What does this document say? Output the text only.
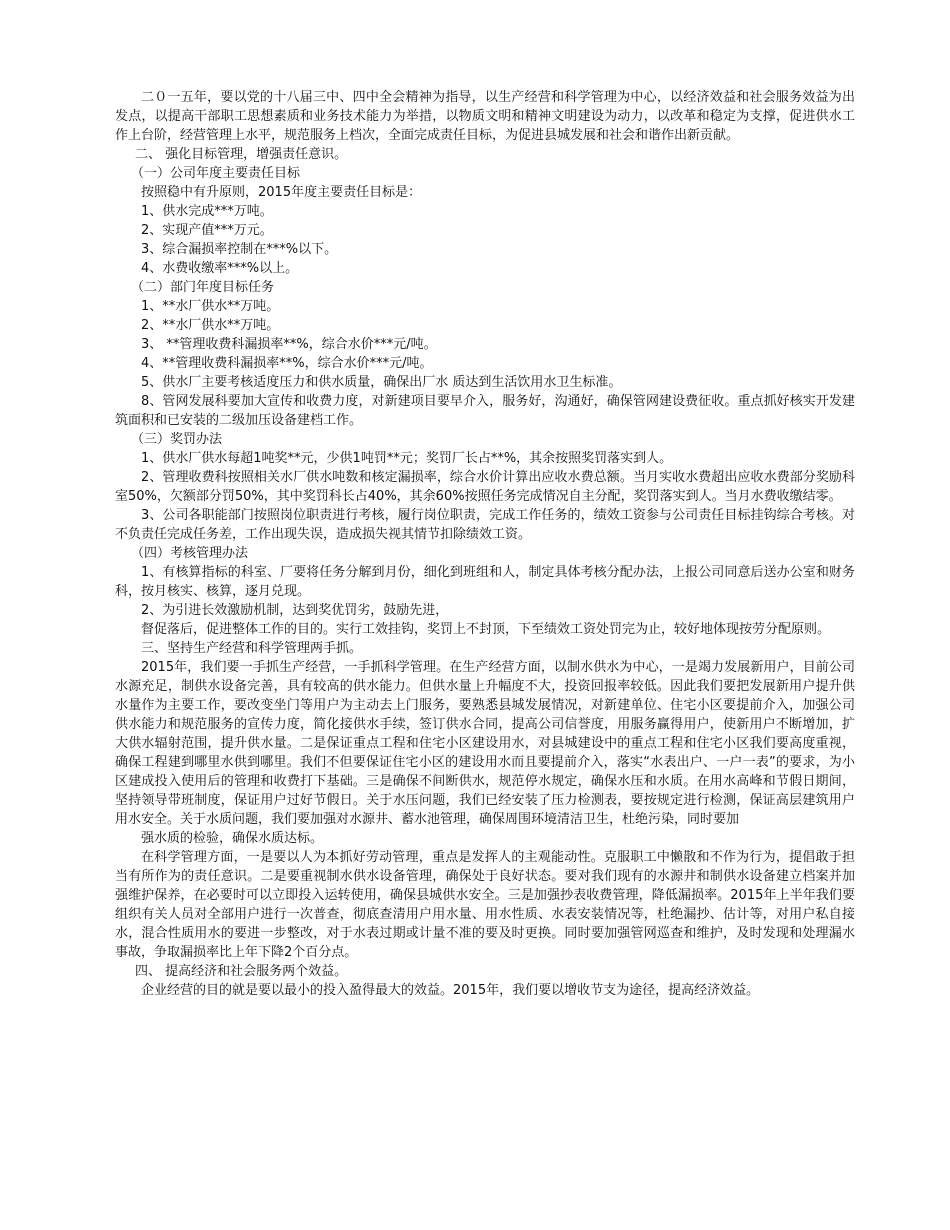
二０一五年，要以党的十八届三中、四中全会精神为指导，以生产经营和科学管理为中心，以经济效益和社会服务效益为出发点，以提高干部职工思想素质和业务技术能力为举措，以物质文明和精神文明建设为动力，以改革和稳定为支撑，促进供水工作上台阶，经营管理上水平，规范服务上档次，全面完成责任目标，为促进县城发展和社会和谐作出新贡献。

二、 强化目标管理，增强责任意识。

（一）公司年度主要责任目标

按照稳中有升原则，2015年度主要责任目标是：

1、供水完成***万吨。

2、实现产值***万元。

3、综合漏损率控制在***%以下。

4、水费收缴率***%以上。

（二）部门年度目标任务

1、**水厂供水**万吨。

2、**水厂供水**万吨。

3、 **管理收费科漏损率**%，综合水价***元/吨。

4、**管理收费科漏损率**%，综合水价***元/吨。

5、供水厂主要考核适度压力和供水质量，确保出厂水 质达到生活饮用水卫生标准。

8、管网发展科要加大宣传和收费力度，对新建项目要早介入，服务好，沟通好，确保管网建设费征收。重点抓好核实开发建筑面积和已安装的二级加压设备建档工作。

（三）奖罚办法

1、供水厂供水每超1吨奖**元，少供1吨罚**元；奖罚厂长占**%，其余按照奖罚落实到人。

2、管理收费科按照相关水厂供水吨数和核定漏损率，综合水价计算出应收水费总额。当月实收水费超出应收水费部分奖励科室50%，欠额部分罚50%，其中奖罚科长占40%，其余60%按照任务完成情况自主分配，奖罚落实到人。当月水费收缴结零。

3、公司各职能部门按照岗位职责进行考核，履行岗位职责，完成工作任务的，绩效工资参与公司责任目标挂钩综合考核。对不负责任完成任务差，工作出现失误，造成损失视其情节扣除绩效工资。

（四）考核管理办法

1、有核算指标的科室、厂要将任务分解到月份，细化到班组和人，制定具体考核分配办法，上报公司同意后送办公室和财务科，按月核实、核算，逐月兑现。

2、为引进长效激励机制，达到奖优罚劣，鼓励先进，

督促落后，促进整体工作的目的。实行工效挂钩，奖罚上不封顶，下至绩效工资处罚完为止，较好地体现按劳分配原则。

三、坚持生产经营和科学管理两手抓。

2015年，我们要一手抓生产经营，一手抓科学管理。在生产经营方面，以制水供水为中心，一是竭力发展新用户，目前公司水源充足，制供水设备完善，具有较高的供水能力。但供水量上升幅度不大，投资回报率较低。因此我们要把发展新用户提升供水量作为主要工作，要改变坐门等用户为主动去上门服务，要熟悉县城发展情况，对新建单位、住宅小区要提前介入，加强公司供水能力和规范服务的宣传力度，简化接供水手续，签订供水合同，提高公司信誉度，用服务赢得用户，使新用户不断增加，扩大供水辐射范围，提升供水量。二是保证重点工程和住宅小区建设用水，对县城建设中的重点工程和住宅小区我们要高度重视，确保工程建到哪里水供到哪里。我们不但要保证住宅小区的建设用水而且要提前介入，落实“水表出户、一户一表”的要求，为小区建成投入使用后的管理和收费打下基础。三是确保不间断供水，规范停水规定，确保水压和水质。在用水高峰和节假日期间，坚持领导带班制度，保证用户过好节假日。关于水压问题，我们已经安装了压力检测表，要按规定进行检测，保证高层建筑用户用水安全。关于水质问题，我们要加强对水源井、蓄水池管理，确保周围环境清洁卫生，杜绝污染，同时要加

强水质的检验，确保水质达标。

在科学管理方面，一是要以人为本抓好劳动管理，重点是发挥人的主观能动性。克服职工中懒散和不作为行为，提倡敢于担当有所作为的责任意识。二是要重视制水供水设备管理，确保处于良好状态。要对我们现有的水源井和制供水设备建立档案并加强维护保养，在必要时可以立即投入运转使用，确保县城供水安全。三是加强抄表收费管理，降低漏损率。2015年上半年我们要组织有关人员对全部用户进行一次普查，彻底查清用户用水量、用水性质、水表安装情况等，杜绝漏抄、估计等，对用户私自接水，混合性质用水的要进一步整改，对于水表过期或计量不准的要及时更换。同时要加强管网巡查和维护，及时发现和处理漏水事故，争取漏损率比上年下降2个百分点。

四、 提高经济和社会服务两个效益。

企业经营的目的就是要以最小的投入盈得最大的效益。2015年，我们要以增收节支为途径，提高经济效益。
